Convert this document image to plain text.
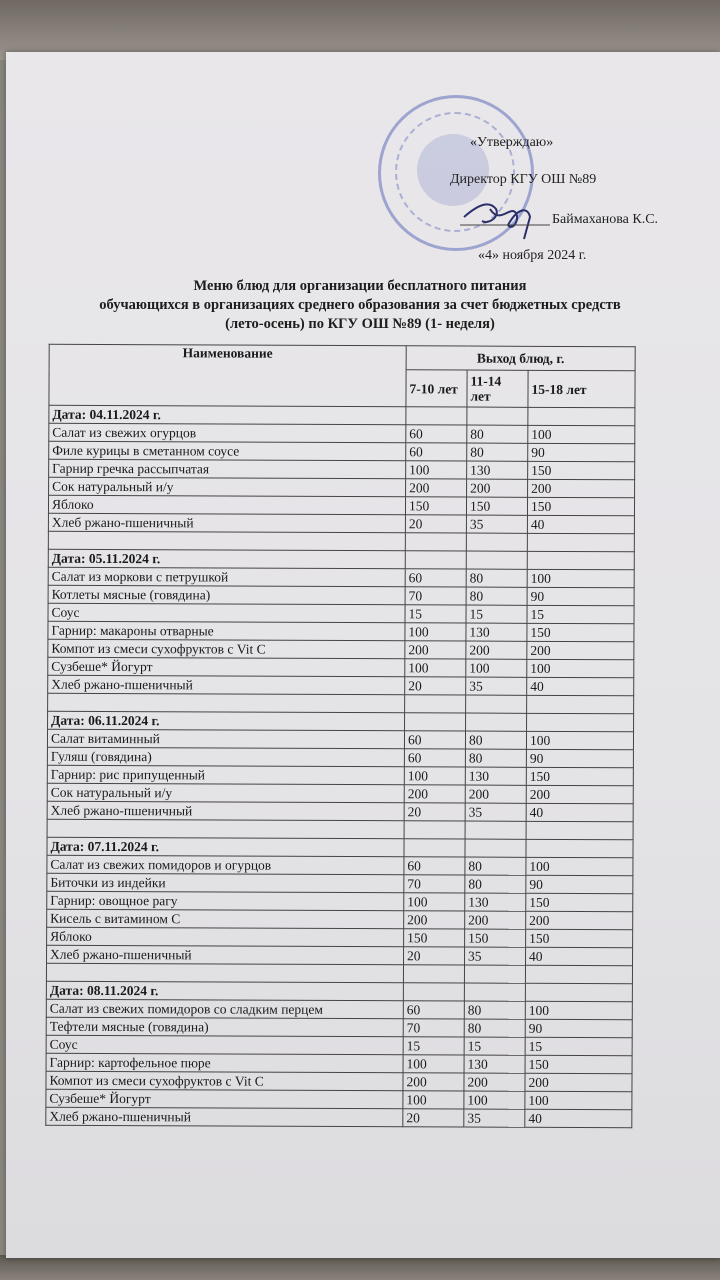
«Утверждаю»
Директор КГУ ОШ №89
Баймаханова К.С.
«4» ноября 2024 г.
Меню блюд для организации бесплатного питания
обучающихся в организациях среднего образования за счет бюджетных средств
(лето-осень) по КГУ ОШ №89 (1- неделя)
Наименование	Выход блюд, г.		
	7-10 лет	11-14 лет	15-18 лет
Дата: 04.11.2024 г.			
Салат из свежих огурцов	60	80	100
Филе курицы в сметанном соусе	60	80	90
Гарнир гречка рассыпчатая	100	130	150
Сок натуральный и/у	200	200	200
Яблоко	150	150	150
Хлеб ржано-пшеничный	20	35	40

Дата: 05.11.2024 г.			
Салат из моркови с петрушкой	60	80	100
Котлеты мясные (говядина)	70	80	90
Соус	15	15	15
Гарнир: макароны отварные	100	130	150
Компот из смеси сухофруктов с Vit C	200	200	200
Сузбеше* Йогурт	100	100	100
Хлеб ржано-пшеничный	20	35	40

Дата: 06.11.2024 г.			
Салат витаминный	60	80	100
Гуляш (говядина)	60	80	90
Гарнир: рис припущенный	100	130	150
Сок натуральный и/у	200	200	200
Хлеб ржано-пшеничный	20	35	40

Дата: 07.11.2024 г.			
Салат из свежих помидоров и огурцов	60	80	100
Биточки из индейки	70	80	90
Гарнир: овощное рагу	100	130	150
Кисель с витамином С	200	200	200
Яблоко	150	150	150
Хлеб ржано-пшеничный	20	35	40

Дата: 08.11.2024 г.			
Салат из свежих помидоров со сладким перцем	60	80	100
Тефтели мясные (говядина)	70	80	90
Соус	15	15	15
Гарнир: картофельное пюре	100	130	150
Компот из смеси сухофруктов с Vit C	200	200	200
Сузбеше* Йогурт	100	100	100
Хлеб ржано-пшеничный	20	35	40
